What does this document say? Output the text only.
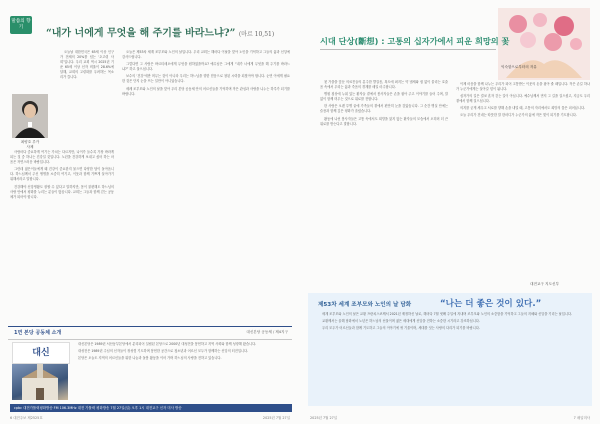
말씀의 향기
“내가 너에게 무엇을 해 주기를 바라느냐?” (마르 10,51)

오늘날 대한민국은 65세 이상 인구가 전체의 20%를 넘는 ‘초고령 사회’입니다. 우리 교회 역시 2025년 기준 65세 이상 신자 비율이 28.6%에 달해, 교회의 고령화를 우려하는 목소리가 큽니다.

최양호 루카
사제

사람마다 중요하게 여기는 가치는 다르지만, 나이가 들수록 가장 바라게 되는 것 중 하나는 건강일 것입니다. 노년을 건강하게 보내고 싶어 하는 마음은 자연스러운 바람입니다.

그런데 젊은이들에게 왜 건강이 중요한지 물으면 다양한 답이 돌아옵니다. 하느님께서 주신 생명을 소중히 여기고, 이웃과 함께 기쁘게 살아가기 위해서라고 말합니다.

건강해야 신앙생활도 잘할 수 있다고 말하지만, 몸이 불편해도 하느님의 사랑 안에서 평화를 누리는 분들이 많습니다. 교회는 그들과 함께 걷는 공동체가 되어야 합니다.

오늘은 제53차 세계 조부모와 노인의 날입니다. 우리 교회는 해마다 이날을 맞아 노인을 기억하고 그들의 삶과 신앙에 감사드립니다.

그렇다면 그 사람은 바르티매오에게 무엇을 원하였을까요? 예수님은 그에게 “내가 너에게 무엇을 해 주기를 바라느냐?” 하고 물으십니다.

보수의 ‘건강’에만 머무는 것이 아니라 우리는 하느님을 향한 믿음으로 참된 시력을 되찾아야 합니다. 눈먼 이에게 필요한 것은 단지 눈을 뜨는 일만이 아니었습니다.

세례 조부모와 노인의 날을 맞아 우리 본당 공동체 안의 어르신들을 기억하며 작은 관심과 사랑을 나누는 하루가 되기를 바랍니다.

1면 본당 공동체 소개	대신본당 공동체 / 제4지구
대신

대신본당은 1989년 서산동부본당에서 분리되어 설립된 본당으로 2000년 대성전을 봉헌하고 지역 사회와 함께 성장해 왔습니다.

대성전은 1989년 주님의 신자들이 정성껏 기도하며 봉헌한 공간으로 청소년과 어르신 모두가 함께하는 신앙의 터전입니다.

본당은 오늘도 지역의 어르신들을 위한 나눔과 돌봄 활동을 이어 가며 하느님의 사랑을 전하고 있습니다.

cpbc 대전가톨릭평화방송 FM 106.3MHz 대전 가톨릭 평화방송 7월 27일(일) 오후 1시 대전교구 신자 미사 방송
6 대전주보 제2525호	2025년 7월 27일
익숙함으로부터의 자유
시대 단상(斷想) : 고통의 십자가에서 피운 희망의 꽃

첫 가을을 앞둔 의료진들의 분주한 발걸음, 복도에 퍼지는 약 냄새와 쉼 없이 울리는 호출음 속에서 우리는 삶과 죽음의 경계를 매일 마주합니다.

병원 침상에 누워 있는 환자들 곁에서 봉사자들은 손을 잡아 주고 이야기를 들어 주며, 말없이 함께 머무는 것으로 위로를 전합니다.

한 사람은 오랜 투병 끝에 가족들의 곁에서 편안히 눈을 감았습니다. 그 순간 병실 안에는 슬픔과 함께 깊은 평화가 흘렀습니다.

활동에 나선 봉사자들은 고통 속에서도 희망을 잃지 않는 환자들의 모습에서 오히려 더 큰 위로를 받는다고 말합니다.

이제 마음을 함께 나누는 우리가 되어 고통받는 이웃의 손을 잡아 줄 때입니다. 작은 손길 하나가 누군가에게는 살아갈 힘이 됩니다.

십자가의 길은 결코 혼자 걷는 길이 아닙니다. 예수님께서 먼저 그 길을 걸으셨고, 지금도 우리 곁에서 함께 걸으십니다.

의지를 굳게 세우고 서로를 향해 손을 내밀 때, 고통의 자리에서도 희망의 꽃은 피어납니다.

오늘 우리가 건네는 따뜻한 말 한마디가 누군가의 삶에 작은 빛이 되기를 기도합니다.

대전교구 지도신부
제53차 세계 조부모와 노인의 날 담화	“나는 더 좋은 것이 있다.”

세계 조부모와 노인의 날은 교황 프란치스코께서 2021년 제정하신 날로, 해마다 7월 넷째 주일에 지내며 조부모와 노인의 소중함을 기억하고 그들의 지혜와 신앙을 기리는 날입니다.

교황께서는 올해 담화에서 노년은 하느님의 선물이며 젊은 세대에게 신앙을 전하는 소중한 시기라고 강조하십니다.

우리 모두가 어르신들과 함께 기도하고 그들의 이야기에 귀 기울이며, 세대를 잇는 사랑의 다리가 되기를 바랍니다.

2025년 7월 27일	7 매일미사
